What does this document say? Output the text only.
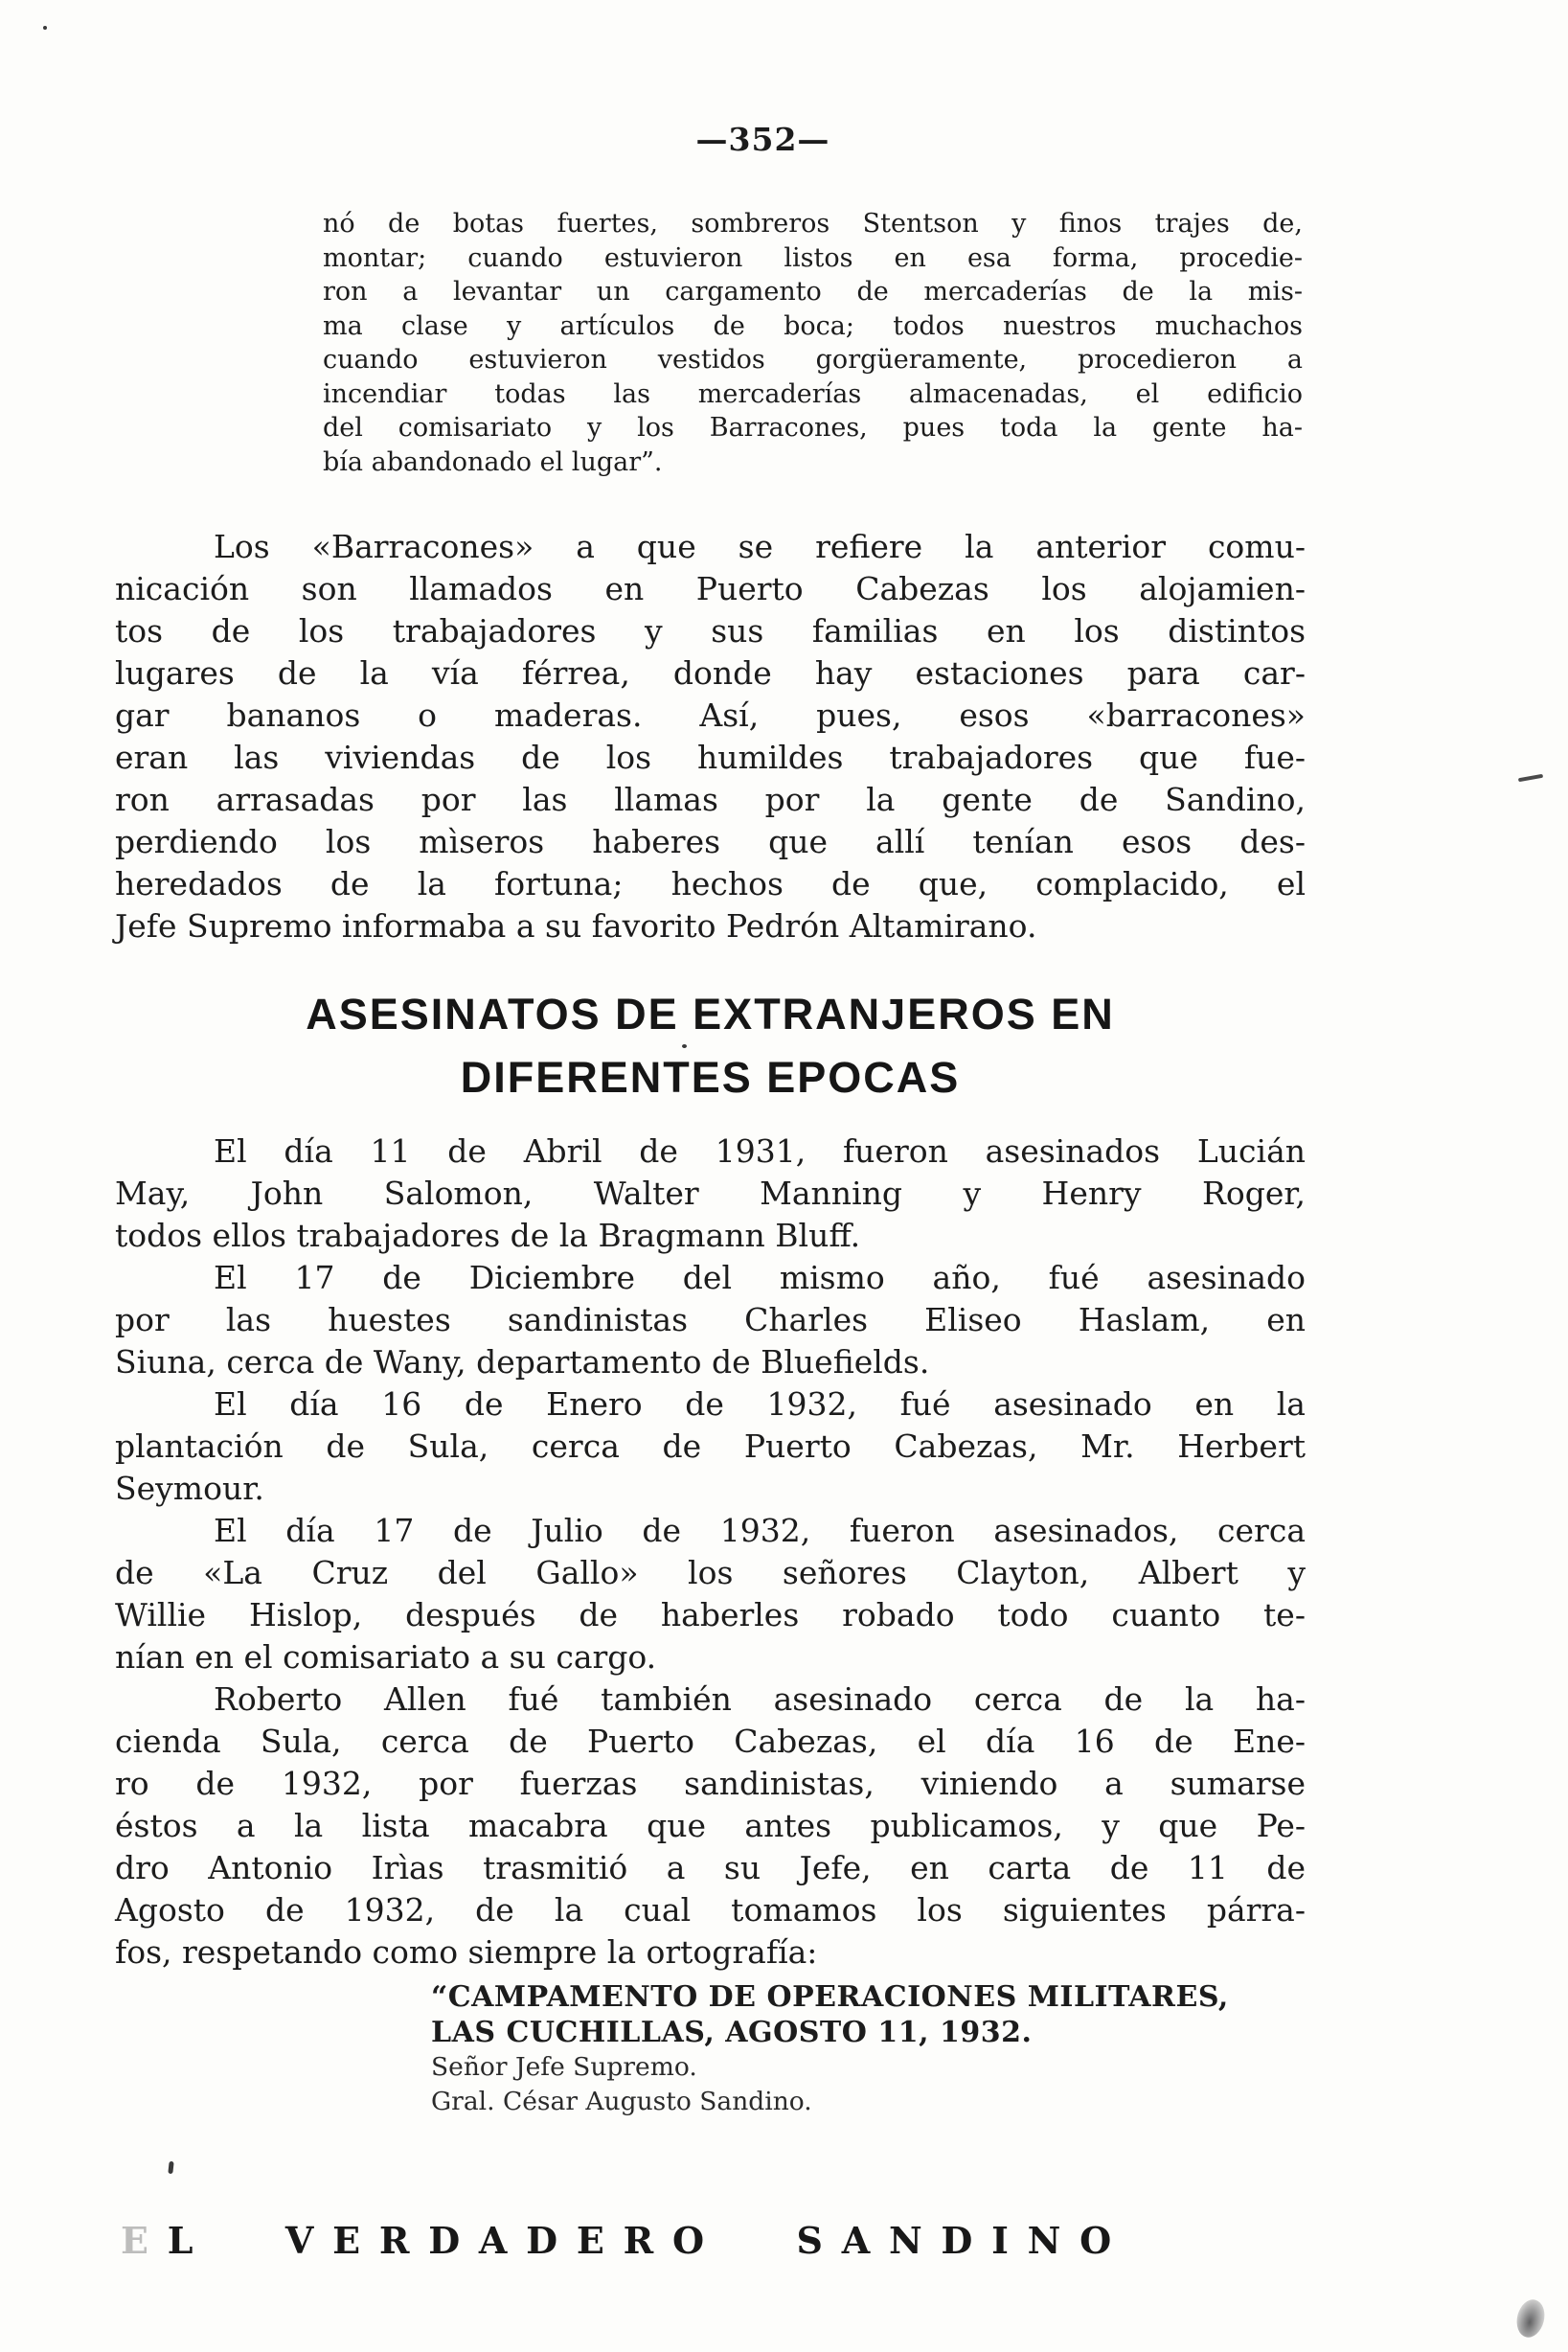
—352—
nó de botas fuertes, sombreros Stentson y finos trajes de,
montar; cuando estuvieron listos en esa forma, procedie-
ron a levantar un cargamento de mercaderías de la mis-
ma clase y artículos de boca; todos nuestros muchachos
cuando estuvieron vestidos gorgüeramente, procedieron a
incendiar todas las mercaderías almacenadas, el edificio
del comisariato y los Barracones, pues toda la gente ha-
bía abandonado el lugar”.
Los «Barracones» a que se refiere la anterior comu-
nicación son llamados en Puerto Cabezas los alojamien-
tos de los trabajadores y sus familias en los distintos
lugares de la vía férrea, donde hay estaciones para car-
gar bananos o maderas. Así, pues, esos «barracones»
eran las viviendas de los humildes trabajadores que fue-
ron arrasadas por las llamas por la gente de Sandino,
perdiendo los mìseros haberes que allí tenían esos des-
heredados de la fortuna; hechos de que, complacido, el
Jefe Supremo informaba a su favorito Pedrón Altamirano.
ASESINATOS DE EXTRANJEROS EN
DIFERENTES EPOCAS
El día 11 de Abril de 1931, fueron asesinados Lucián
May, John Salomon, Walter Manning y Henry Roger,
todos ellos trabajadores de la Bragmann Bluff.
El 17 de Diciembre del mismo año, fué asesinado
por las huestes sandinistas Charles Eliseo Haslam, en
Siuna, cerca de Wany, departamento de Bluefields.
El día 16 de Enero de 1932, fué asesinado en la
plantación de Sula, cerca de Puerto Cabezas, Mr. Herbert
Seymour.
El día 17 de Julio de 1932, fueron asesinados, cerca
de «La Cruz del Gallo» los señores Clayton, Albert y
Willie Hislop, después de haberles robado todo cuanto te-
nían en el comisariato a su cargo.
Roberto Allen fué también asesinado cerca de la ha-
cienda Sula, cerca de Puerto Cabezas, el día 16 de Ene-
ro de 1932, por fuerzas sandinistas, viniendo a sumarse
éstos a la lista macabra que antes publicamos, y que Pe-
dro Antonio Irìas trasmitió a su Jefe, en carta de 11 de
Agosto de 1932, de la cual tomamos los siguientes párra-
fos, respetando como siempre la ortografía:
“CAMPAMENTO DE OPERACIONES MILITARES,
LAS CUCHILLAS, AGOSTO 11, 1932.
Señor Jefe Supremo.
Gral. César Augusto Sandino.
EL VERDADERO SANDINO
